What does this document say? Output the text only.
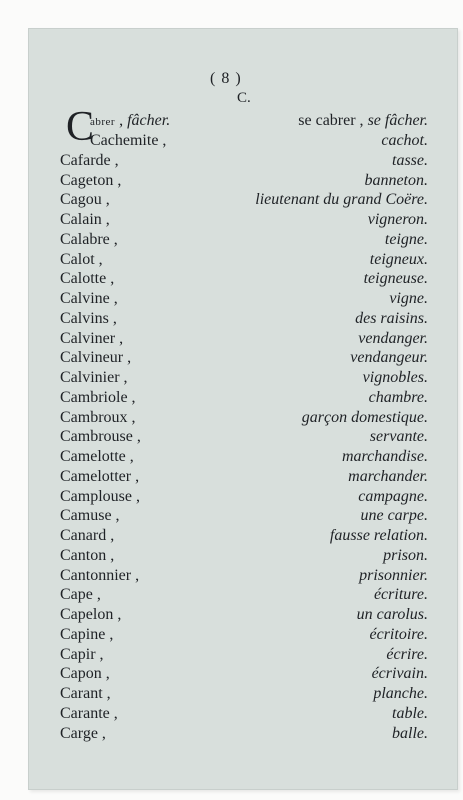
( 8 )
C.
C
abrer , fâcher.	se cabrer , se fâcher.
Cachemite ,	cachot.
Cafarde ,	tasse.
Cageton ,	banneton.
Cagou ,	lieutenant du grand Coëre.
Calain ,	vigneron.
Calabre ,	teigne.
Calot ,	teigneux.
Calotte ,	teigneuse.
Calvine ,	vigne.
Calvins ,	des raisins.
Calviner ,	vendanger.
Calvineur ,	vendangeur.
Calvinier ,	vignobles.
Cambriole ,	chambre.
Cambroux ,	garçon domestique.
Cambrouse ,	servante.
Camelotte ,	marchandise.
Camelotter ,	marchander.
Camplouse ,	campagne.
Camuse ,	une carpe.
Canard ,	fausse relation.
Canton ,	prison.
Cantonnier ,	prisonnier.
Cape ,	écriture.
Capelon ,	un carolus.
Capine ,	écritoire.
Capir ,	écrire.
Capon ,	écrivain.
Carant ,	planche.
Carante ,	table.
Carge ,	balle.
